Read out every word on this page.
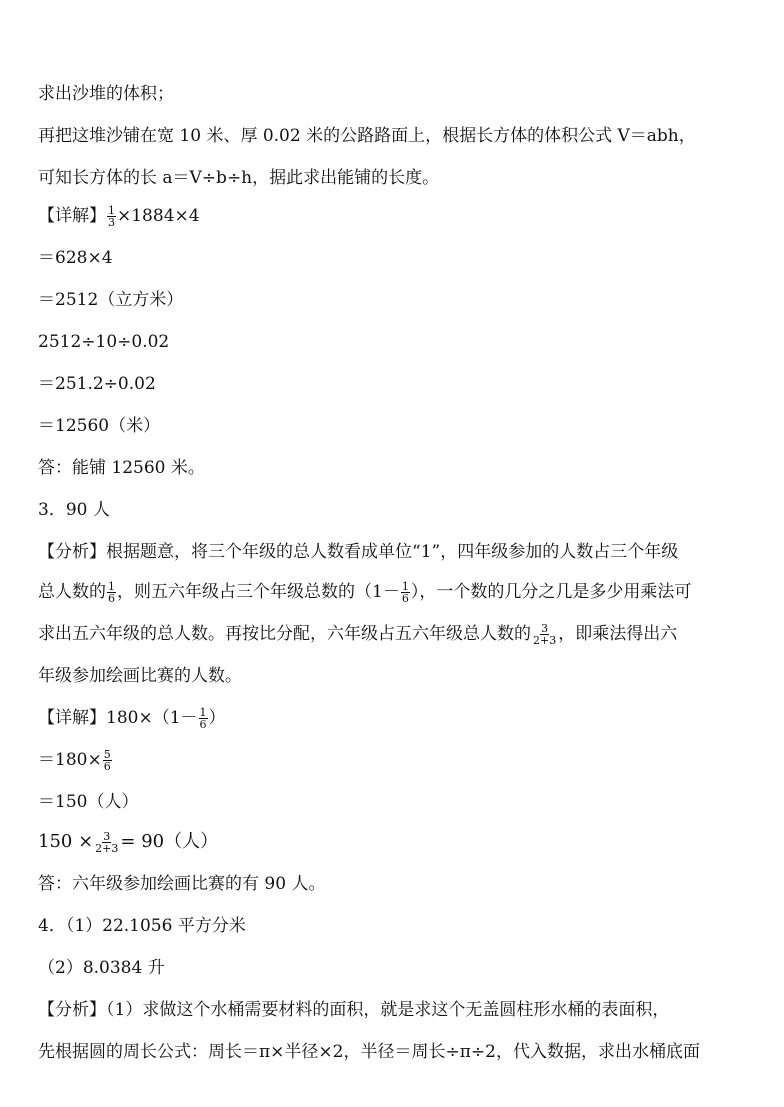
求出沙堆的体积；
再把这堆沙铺在宽 10 米、厚 0.02 米的公路路面上，根据长方体的体积公式 V＝abh，
可知长方体的长 a＝V÷b÷h，据此求出能铺的长度。
【详解】 $\frac{1}{3} \times 1884\times 4$
＝628×4
＝2512（立方米）
2512÷10÷0.02
＝251.2÷0.02
＝12560（米）
答：能铺 12560 米。
3．90 人
【分析】根据题意，将三个年级的总人数看成单位“1”，四年级参加的人数占三个年级
总人数的 $\frac{1}{6}$ ，则五六年级占三个年级总数的（$1- \frac{1}{6}$ ），一个数的几分之几是多少用乘法可
求出五六年级的总人数。再按比分配，六年级占五六年级总人数的 $\frac{3}{2+3}$ ，即乘法得出六
年级参加绘画比赛的人数。
【详解】$180\times(1- \frac{1}{6}$ ）
$=180\times \frac{5}{6}$
＝150（人）
$150 \times \frac{3}{2+3} = 90$（人）
答：六年级参加绘画比赛的有 90 人。
4．（1）22.1056 平方分米
（2）8.0384 升
【分析】（1）求做这个水桶需要材料的面积，就是求这个无盖圆柱形水桶的表面积，
先根据圆的周长公式：周长＝π×半径×2，半径＝周长÷π÷2，代入数据，求出水桶底面
